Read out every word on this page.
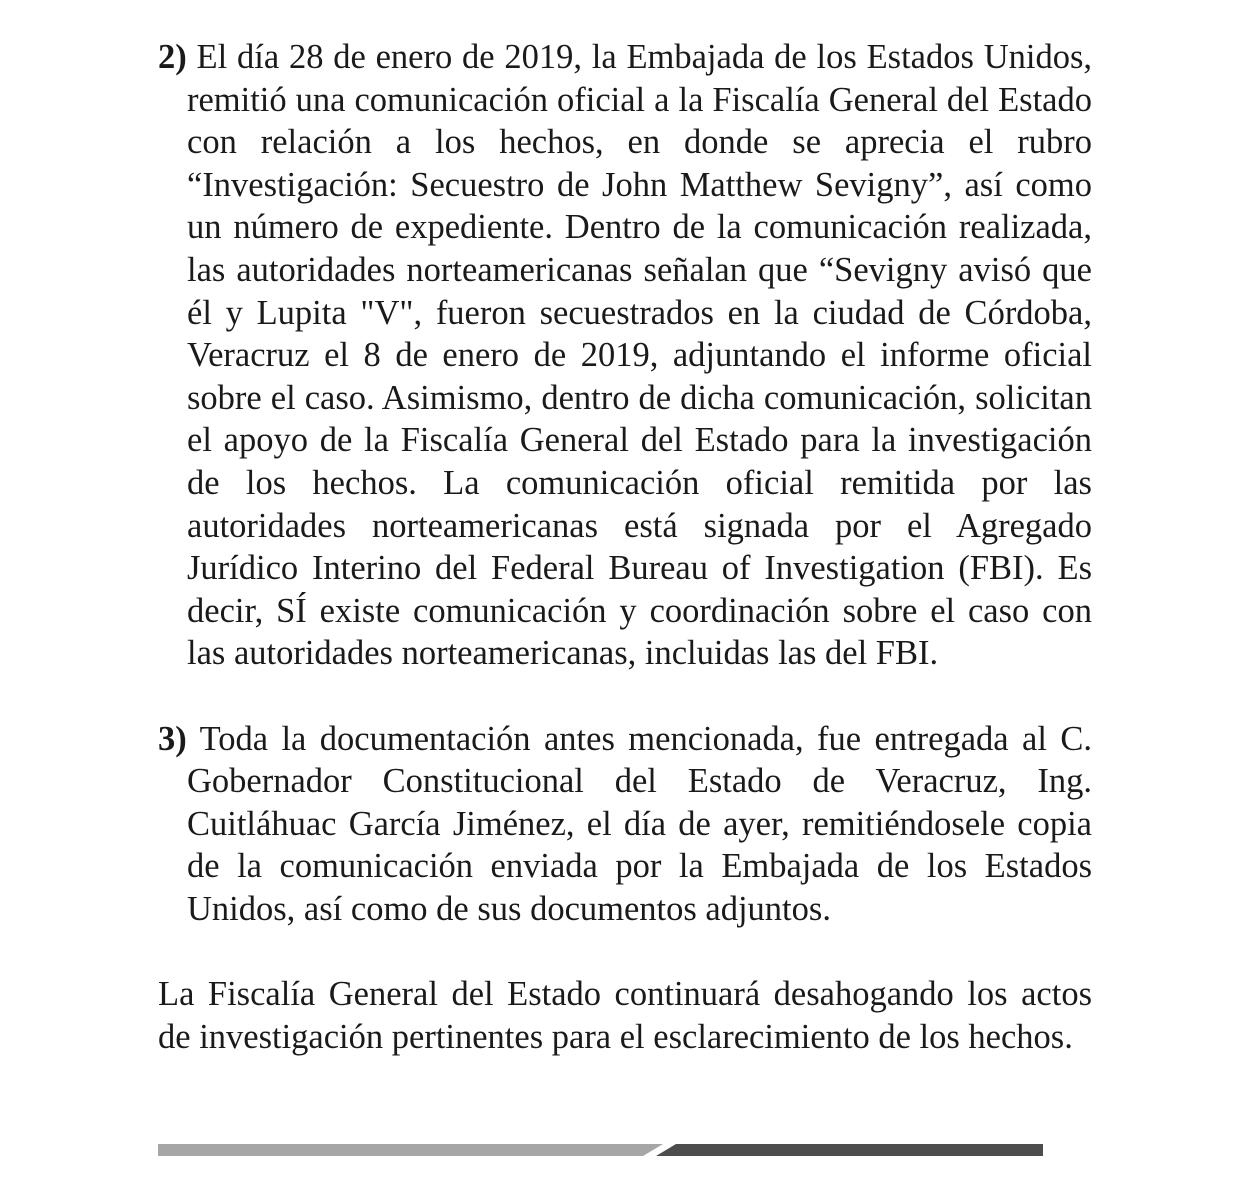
2) El día 28 de enero de 2019, la Embajada de los Estados Unidos, remitió una comunicación oficial a la Fiscalía General del Estado con relación a los hechos, en donde se aprecia el rubro “Investigación: Secuestro de John Matthew Sevigny”, así como un número de expediente. Dentro de la comunicación realizada, las autoridades norteamericanas señalan que “Sevigny avisó que él y Lupita "V", fueron secuestrados en la ciudad de Córdoba, Veracruz el 8 de enero de 2019, adjuntando el informe oficial sobre el caso. Asimismo, dentro de dicha comunicación, solicitan el apoyo de la Fiscalía General del Estado para la investigación de los hechos. La comunicación oficial remitida por las autoridades norteamericanas está signada por el Agregado Jurídico Interino del Federal Bureau of Investigation (FBI). Es decir, SÍ existe comunicación y coordinación sobre el caso con las autoridades norteamericanas, incluidas las del FBI.

3) Toda la documentación antes mencionada, fue entregada al C. Gobernador Constitucional del Estado de Veracruz, Ing. Cuitláhuac García Jiménez, el día de ayer, remitiéndosele copia de la comunicación enviada por la Embajada de los Estados Unidos, así como de sus documentos adjuntos.

La Fiscalía General del Estado continuará desahogando los actos de investigación pertinentes para el esclarecimiento de los hechos.
